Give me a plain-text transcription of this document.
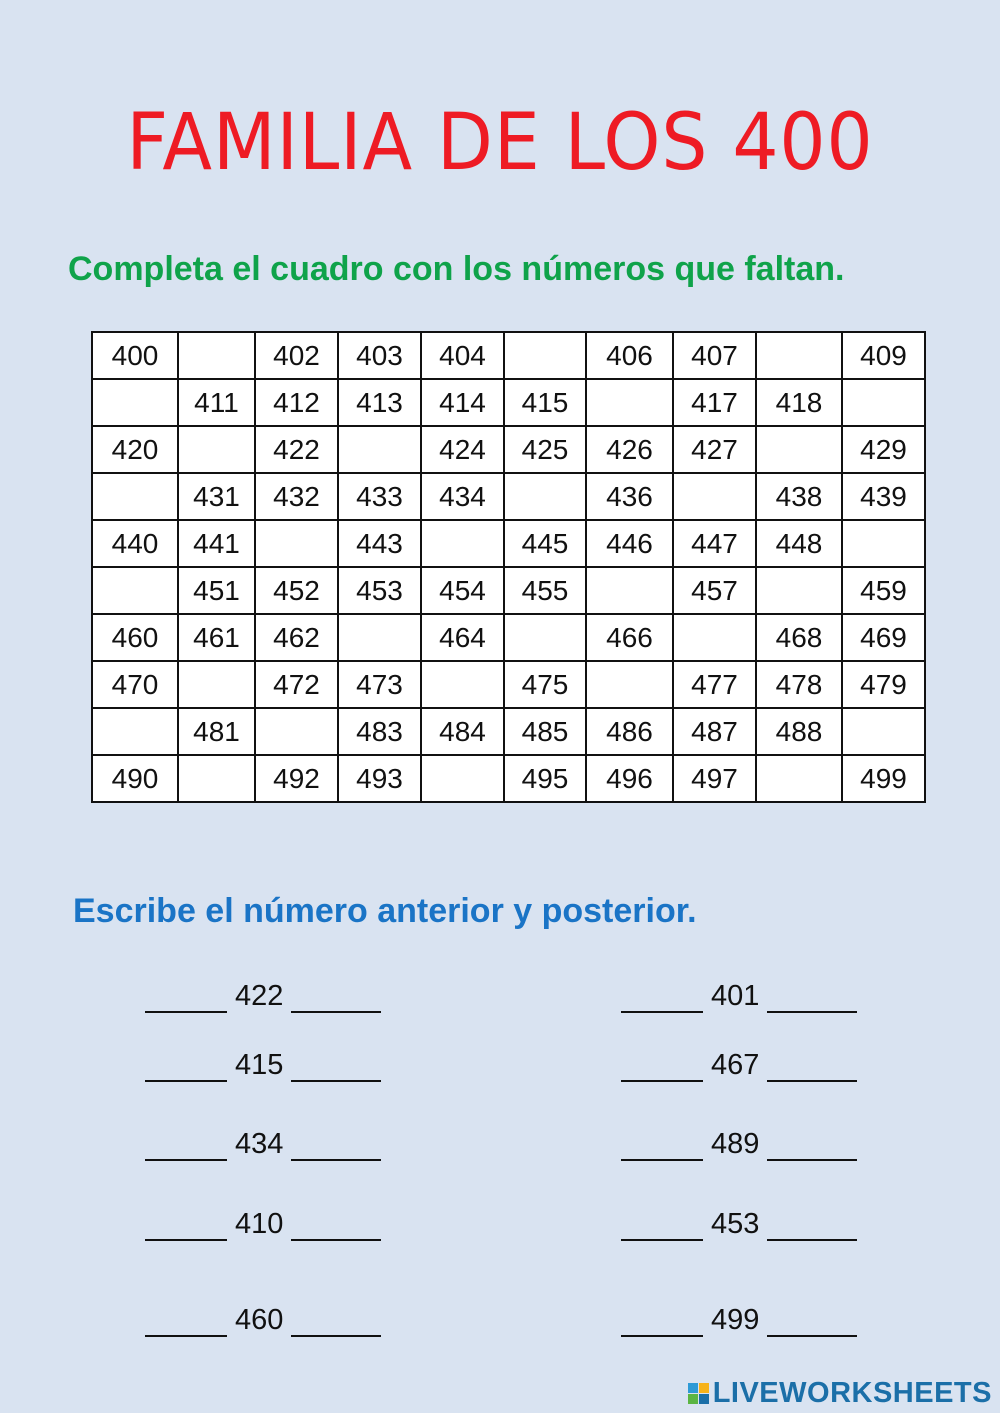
FAMILIA DE LOS 400
Completa el cuadro con los números que faltan.
400		402	403	404		406	407		409
	411	412	413	414	415		417	418	
420		422		424	425	426	427		429
	431	432	433	434		436		438	439
440	441		443		445	446	447	448	
	451	452	453	454	455		457		459
460	461	462		464		466		468	469
470		472	473		475		477	478	479
	481		483	484	485	486	487	488	
490		492	493		495	496	497		499
Escribe el número anterior y posterior.
422
415
434
410
460
401
467
489
453
499
LIVEWORKSHEETS
